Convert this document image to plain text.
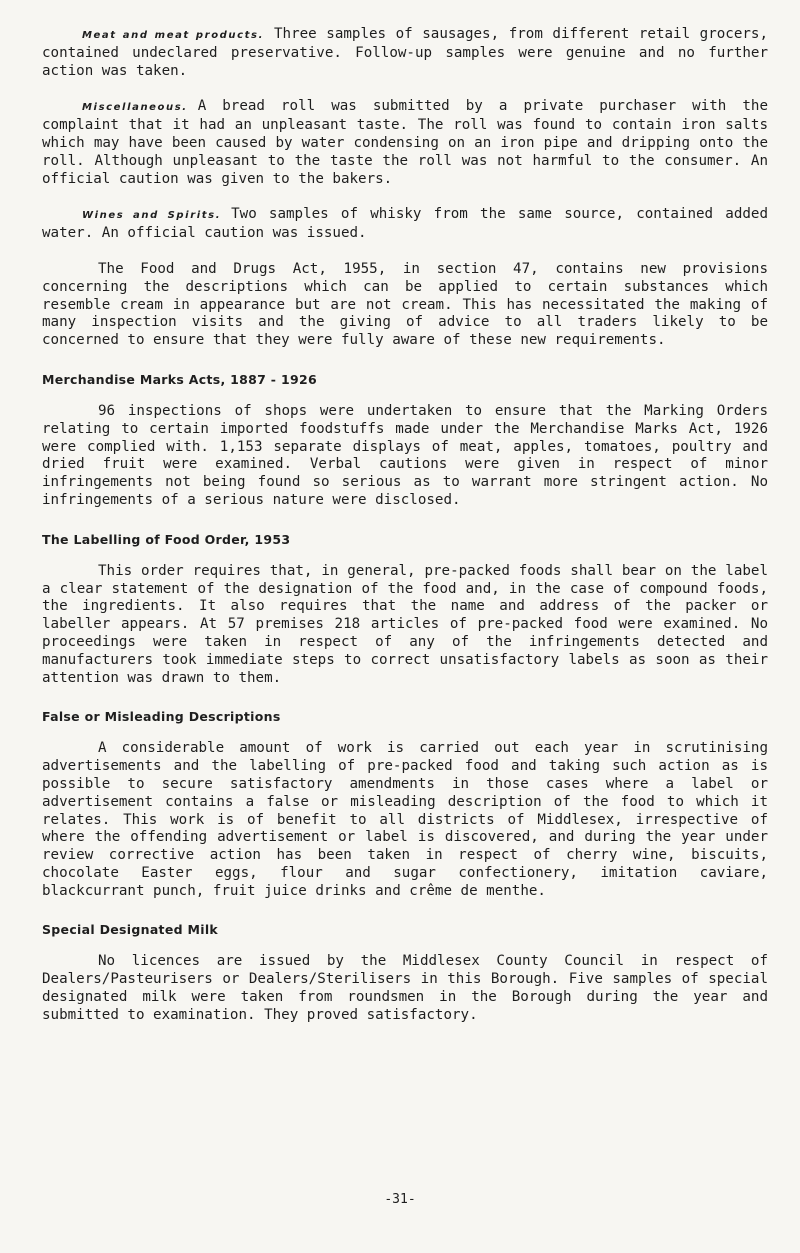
Meat and meat products. Three samples of sausages, from different retail grocers, contained undeclared preservative. Follow-up samples were genuine and no further action was taken.

Miscellaneous. A bread roll was submitted by a private purchaser with the complaint that it had an unpleasant taste. The roll was found to contain iron salts which may have been caused by water condensing on an iron pipe and dripping onto the roll. Although unpleasant to the taste the roll was not harmful to the consumer. An official caution was given to the bakers.

Wines and Spirits. Two samples of whisky from the same source, contained added water. An official caution was issued.

The Food and Drugs Act, 1955, in section 47, contains new provisions concerning the descriptions which can be applied to certain substances which resemble cream in appearance but are not cream. This has necessitated the making of many inspection visits and the giving of advice to all traders likely to be concerned to ensure that they were fully aware of these new requirements.

Merchandise Marks Acts, 1887 - 1926

96 inspections of shops were undertaken to ensure that the Marking Orders relating to certain imported foodstuffs made under the Merchandise Marks Act, 1926 were complied with. 1,153 separate displays of meat, apples, tomatoes, poultry and dried fruit were examined. Verbal cautions were given in respect of minor infringements not being found so serious as to warrant more stringent action. No infringements of a serious nature were disclosed.

The Labelling of Food Order, 1953

This order requires that, in general, pre-packed foods shall bear on the label a clear statement of the designation of the food and, in the case of compound foods, the ingredients. It also requires that the name and address of the packer or labeller appears. At 57 premises 218 articles of pre-packed food were examined. No proceedings were taken in respect of any of the infringements detected and manufacturers took immediate steps to correct unsatisfactory labels as soon as their attention was drawn to them.

False or Misleading Descriptions

A considerable amount of work is carried out each year in scrutinising advertisements and the labelling of pre-packed food and taking such action as is possible to secure satisfactory amendments in those cases where a label or advertisement contains a false or misleading description of the food to which it relates. This work is of benefit to all districts of Middlesex, irrespective of where the offending advertisement or label is discovered, and during the year under review corrective action has been taken in respect of cherry wine, biscuits, chocolate Easter eggs, flour and sugar confectionery, imitation caviare, blackcurrant punch, fruit juice drinks and crême de menthe.

Special Designated Milk

No licences are issued by the Middlesex County Council in respect of Dealers/Pasteurisers or Dealers/Sterilisers in this Borough. Five samples of special designated milk were taken from roundsmen in the Borough during the year and submitted to examination. They proved satisfactory.

-31-
